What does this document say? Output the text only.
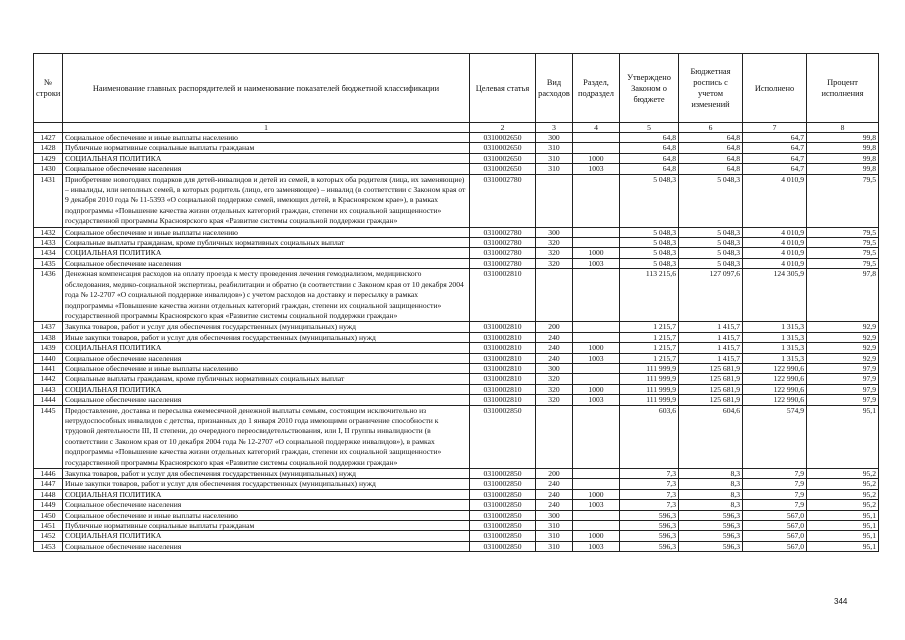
№ строки	Наименование главных распорядителей и наименование показателей бюджетной классификации	Целевая статья	Вид расходов	Раздел, подраздел	Утверждено Законом о бюджете	Бюджетная роспись с учетом изменений	Исполнено	Процент исполнения
	1	2	3	4	5	6	7	8
1427	Социальное обеспечение и иные выплаты населению	0310002650	300		64,8	64,8	64,7	99,8
1428	Публичные нормативные социальные выплаты гражданам	0310002650	310		64,8	64,8	64,7	99,8
1429	СОЦИАЛЬНАЯ ПОЛИТИКА	0310002650	310	1000	64,8	64,8	64,7	99,8
1430	Социальное обеспечение населения	0310002650	310	1003	64,8	64,8	64,7	99,8
1431	Приобретение новогодних подарков для детей-инвалидов и детей из семей, в которых оба родителя (лица, их заменяющие) – инвалиды, или неполных семей, в которых родитель (лицо, его заменяющее) – инвалид (в соответствии с Законом края от 9 декабря 2010 года № 11-5393 «О социальной поддержке семей, имеющих детей, в Красноярском крае»), в рамках подпрограммы «Повышение качества жизни отдельных категорий граждан, степени их социальной защищенности» государственной программы Красноярского края «Развитие системы социальной поддержки граждан»	0310002780			5 048,3	5 048,3	4 010,9	79,5
1432	Социальное обеспечение и иные выплаты населению	0310002780	300		5 048,3	5 048,3	4 010,9	79,5
1433	Социальные выплаты гражданам, кроме публичных нормативных социальных выплат	0310002780	320		5 048,3	5 048,3	4 010,9	79,5
1434	СОЦИАЛЬНАЯ ПОЛИТИКА	0310002780	320	1000	5 048,3	5 048,3	4 010,9	79,5
1435	Социальное обеспечение населения	0310002780	320	1003	5 048,3	5 048,3	4 010,9	79,5
1436	Денежная компенсация расходов на оплату проезда к месту проведения лечения гемодиализом, медицинского обследования, медико-социальной экспертизы, реабилитации и обратно (в соответствии с Законом края от 10 декабря 2004 года № 12-2707 «О социальной поддержке инвалидов») с учетом расходов на доставку и пересылку в рамках подпрограммы «Повышение качества жизни отдельных категорий граждан, степени их социальной защищенности» государственной программы Красноярского края «Развитие системы социальной поддержки граждан»	0310002810			113 215,6	127 097,6	124 305,9	97,8
1437	Закупка товаров, работ и услуг для обеспечения государственных (муниципальных) нужд	0310002810	200		1 215,7	1 415,7	1 315,3	92,9
1438	Иные закупки товаров, работ и услуг для обеспечения государственных (муниципальных) нужд	0310002810	240		1 215,7	1 415,7	1 315,3	92,9
1439	СОЦИАЛЬНАЯ ПОЛИТИКА	0310002810	240	1000	1 215,7	1 415,7	1 315,3	92,9
1440	Социальное обеспечение населения	0310002810	240	1003	1 215,7	1 415,7	1 315,3	92,9
1441	Социальное обеспечение и иные выплаты населению	0310002810	300		111 999,9	125 681,9	122 990,6	97,9
1442	Социальные выплаты гражданам, кроме публичных нормативных социальных выплат	0310002810	320		111 999,9	125 681,9	122 990,6	97,9
1443	СОЦИАЛЬНАЯ ПОЛИТИКА	0310002810	320	1000	111 999,9	125 681,9	122 990,6	97,9
1444	Социальное обеспечение населения	0310002810	320	1003	111 999,9	125 681,9	122 990,6	97,9
1445	Предоставление, доставка и пересылка ежемесячной денежной выплаты семьям, состоящим исключительно из нетрудоспособных инвалидов с детства, признанных до 1 января 2010 года имеющими ограничение способности к трудовой деятельности III, II степени, до очередного переосвидетельствования, или I, II группы инвалидности (в соответствии с Законом края от 10 декабря 2004 года № 12-2707 «О социальной поддержке инвалидов»), в рамках подпрограммы «Повышение качества жизни отдельных категорий граждан, степени их социальной защищенности» государственной программы Красноярского края «Развитие системы социальной поддержки граждан»	0310002850			603,6	604,6	574,9	95,1
1446	Закупка товаров, работ и услуг для обеспечения государственных (муниципальных) нужд	0310002850	200		7,3	8,3	7,9	95,2
1447	Иные закупки товаров, работ и услуг для обеспечения государственных (муниципальных) нужд	0310002850	240		7,3	8,3	7,9	95,2
1448	СОЦИАЛЬНАЯ ПОЛИТИКА	0310002850	240	1000	7,3	8,3	7,9	95,2
1449	Социальное обеспечение населения	0310002850	240	1003	7,3	8,3	7,9	95,2
1450	Социальное обеспечение и иные выплаты населению	0310002850	300		596,3	596,3	567,0	95,1
1451	Публичные нормативные социальные выплаты гражданам	0310002850	310		596,3	596,3	567,0	95,1
1452	СОЦИАЛЬНАЯ ПОЛИТИКА	0310002850	310	1000	596,3	596,3	567,0	95,1
1453	Социальное обеспечение населения	0310002850	310	1003	596,3	596,3	567,0	95,1
344
